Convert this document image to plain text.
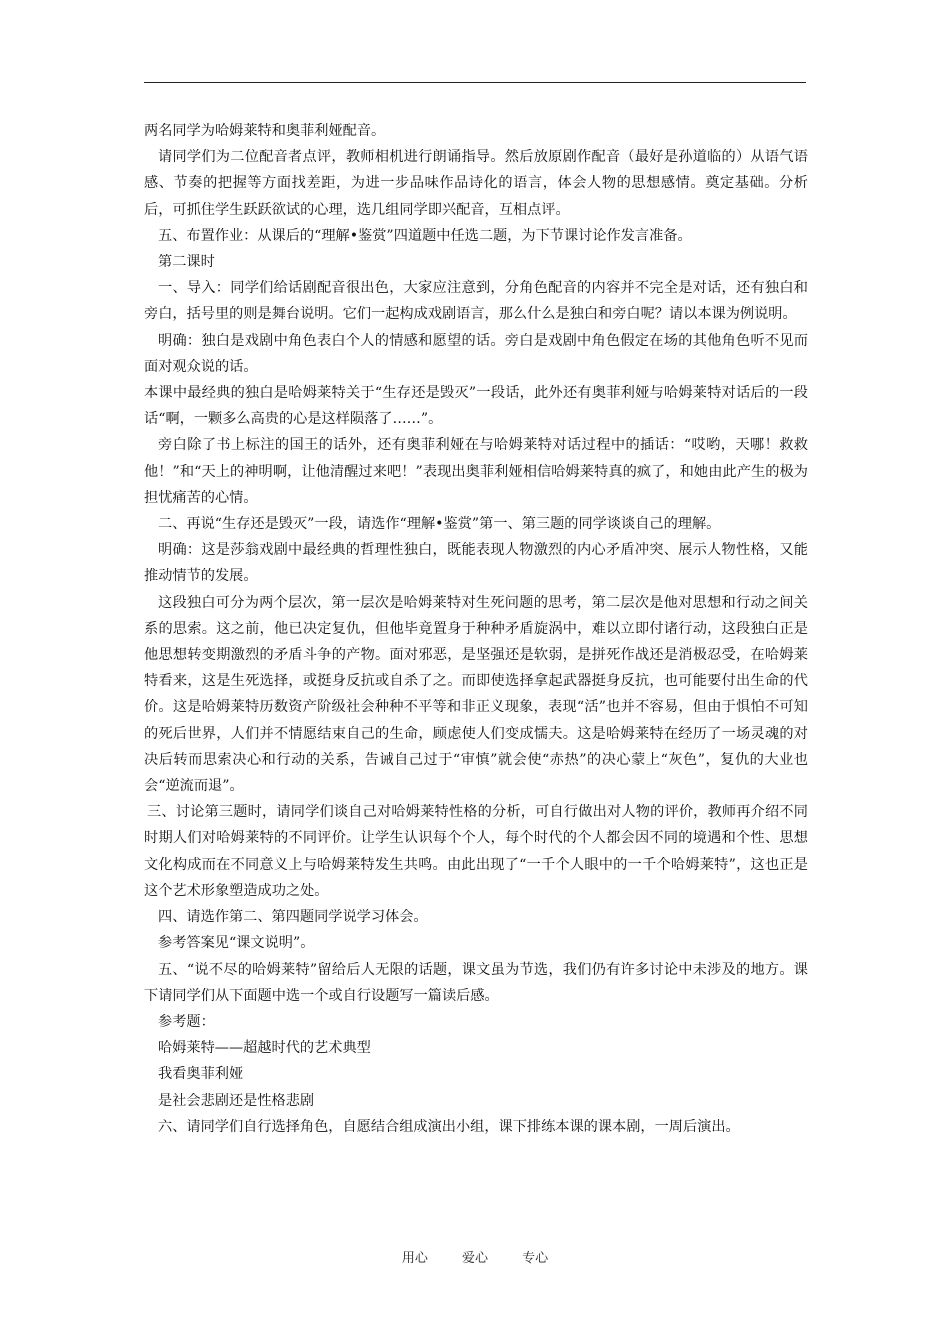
两名同学为哈姆莱特和奥菲利娅配音。

请同学们为二位配音者点评，教师相机进行朗诵指导。然后放原剧作配音（最好是孙道临的）从语气语感、节奏的把握等方面找差距，为进一步品味作品诗化的语言，体会人物的思想感情。奠定基础。分析后，可抓住学生跃跃欲试的心理，选几组同学即兴配音，互相点评。

五、布置作业：从课后的“理解•鉴赏”四道题中任选二题，为下节课讨论作发言准备。

第二课时

一、导入：同学们给话剧配音很出色，大家应注意到，分角色配音的内容并不完全是对话，还有独白和旁白，括号里的则是舞台说明。它们一起构成戏剧语言，那么什么是独白和旁白呢？请以本课为例说明。

明确：独白是戏剧中角色表白个人的情感和愿望的话。旁白是戏剧中角色假定在场的其他角色听不见而面对观众说的话。

本课中最经典的独白是哈姆莱特关于“生存还是毁灭”一段话，此外还有奥菲利娅与哈姆莱特对话后的一段话“啊，一颗多么高贵的心是这样陨落了……”。

旁白除了书上标注的国王的话外，还有奥菲利娅在与哈姆莱特对话过程中的插话：“哎哟，天哪！救救他！”和“天上的神明啊，让他清醒过来吧！”表现出奥菲利娅相信哈姆莱特真的疯了，和她由此产生的极为担忧痛苦的心情。

二、再说“生存还是毁灭”一段，请选作“理解•鉴赏”第一、第三题的同学谈谈自己的理解。

明确：这是莎翁戏剧中最经典的哲理性独白，既能表现人物激烈的内心矛盾冲突、展示人物性格，又能推动情节的发展。

这段独白可分为两个层次，第一层次是哈姆莱特对生死问题的思考，第二层次是他对思想和行动之间关系的思索。这之前，他已决定复仇，但他毕竟置身于种种矛盾旋涡中，难以立即付诸行动，这段独白正是他思想转变期激烈的矛盾斗争的产物。面对邪恶，是坚强还是软弱，是拼死作战还是消极忍受，在哈姆莱特看来，这是生死选择，或挺身反抗或自杀了之。而即使选择拿起武器挺身反抗，也可能要付出生命的代价。这是哈姆莱特历数资产阶级社会种种不平等和非正义现象，表现“活”也并不容易，但由于惧怕不可知的死后世界，人们并不情愿结束自己的生命，顾虑使人们变成懦夫。这是哈姆莱特在经历了一场灵魂的对决后转而思索决心和行动的关系，告诫自己过于“审慎”就会使“赤热”的决心蒙上“灰色”，复仇的大业也会“逆流而退”。

三、讨论第三题时，请同学们谈自己对哈姆莱特性格的分析，可自行做出对人物的评价，教师再介绍不同时期人们对哈姆莱特的不同评价。让学生认识每个个人，每个时代的个人都会因不同的境遇和个性、思想文化构成而在不同意义上与哈姆莱特发生共鸣。由此出现了“一千个人眼中的一千个哈姆莱特”，这也正是这个艺术形象塑造成功之处。

四、请选作第二、第四题同学说学习体会。

参考答案见“课文说明”。

五、“说不尽的哈姆莱特”留给后人无限的话题，课文虽为节选，我们仍有许多讨论中未涉及的地方。课下请同学们从下面题中选一个或自行设题写一篇读后感。

参考题：

哈姆莱特——超越时代的艺术典型

我看奥菲利娅

是社会悲剧还是性格悲剧

六、请同学们自行选择角色，自愿结合组成演出小组，课下排练本课的课本剧，一周后演出。

用心	爱心	专心
